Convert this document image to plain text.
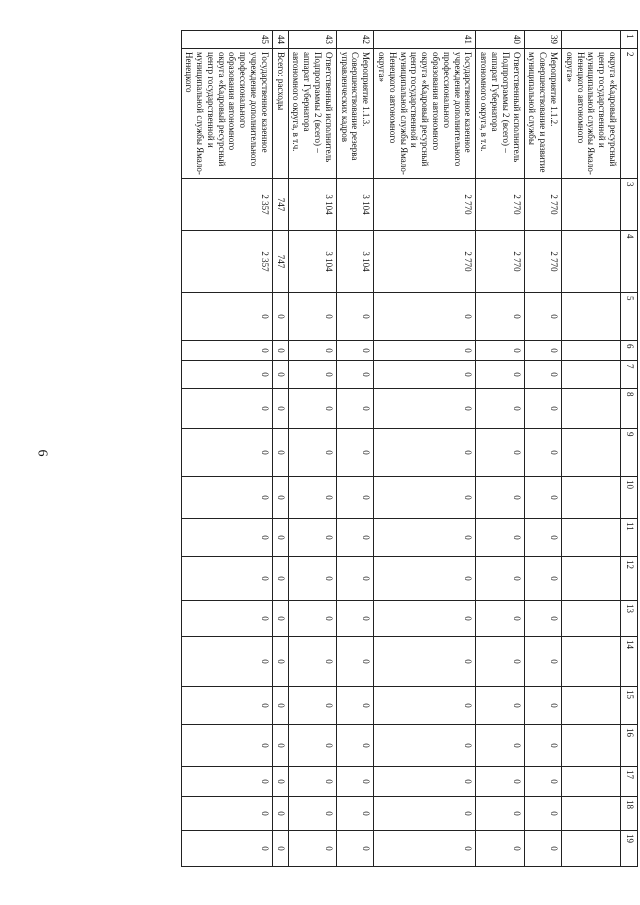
6
1	2	3	4	5	6	7	8	9	10	11	12	13	14	15	16	17	18	19
	округа «Кадровый ресурсный центр государственной и муниципальной службы Ямало-Ненецкого автономного округа»																	
39	Мероприятие 1.1.2. Совершенствование и развитие муниципальной службы	2 770	2 770	0	0	0	0	0	0	0	0	0	0	0	0	0	0	0
40	Ответственный исполнитель Подпрограммы 2 (всего) – аппарат Губернатора автономного округа, в т.ч.	2 770	2 770	0	0	0	0	0	0	0	0	0	0	0	0	0	0	0
41	Государственное казенное учреждение дополнительного профессионального образования автономного округа «Кадровый ресурсный центр государственной и муниципальной службы Ямало-Ненецкого автономного округа»	2 770	2 770	0	0	0	0	0	0	0	0	0	0	0	0	0	0	0
42	Мероприятие 1.1.3. Совершенствование резерва управленческих кадров	3 104	3 104	0	0	0	0	0	0	0	0	0	0	0	0	0	0	0
43	Ответственный исполнитель Подпрограммы 2 (всего) – аппарат Губернатора автономного округа, в т.ч.	3 104	3 104	0	0	0	0	0	0	0	0	0	0	0	0	0	0	0
44	Всего: расходы	747	747	0	0	0	0	0	0	0	0	0	0	0	0	0	0	0
45	Государственное казенное учреждение дополнительного профессионального образования автономного округа «Кадровый ресурсный центр государственной и муниципальной службы Ямало-Ненецкого	2 357	2 357	0	0	0	0	0	0	0	0	0	0	0	0	0	0	0
